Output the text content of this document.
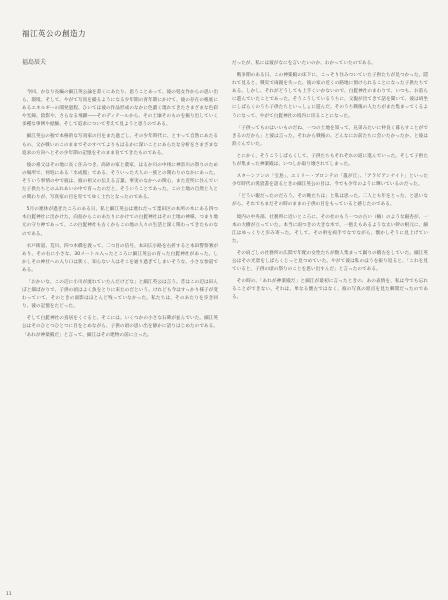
福江英公の創造力
福島辰夫

今回、かなり長編の細江英公論を書くにあたり、思うことあって、彼の処女作からの思い出ら、環境、そして、やがて写真を撮るようになる少年期の青年期にかけて、彼の存在の根底にあるエネルギーの開発過程、ひいては彼の作品形成のなかに色濃く現れてきたさまざまな色彩や光線、陰影や、さらなる飛躍――そのディテールから、その土壌そのものを掘り出していく多種な事例や経験、そして追求について考えて見ようと思うのである。

細江英公の独で本格的な写真家の目をまた過ごし、その少年時代に、とすって自然にあたるもの、父か戦いのこのままでそのすべてよりもはるかに深いことにあらたな分析をさまざまな追求の方向へとその少年期の記憶をそのまま育ててきたものである。

彼の祖父はその地に長く住みつき、高砂の家と農家、はるか川の中州に神奈川の祭りのための場所で、何処にある「水成館」である、そういった大人の一族との関わりのなかにあった。そういう事情の中で彼は、彼の祖父の伝える言葉、事実のなかへの関心、また近所に住んでいた子供たちとのふれあいの中で育ったのだと、そういうことであった。この土地の自然と人との関わりが、写真家の目を育ててゆく土台となったのである。

5月の連休が過ぎたころのある日、私と細江英公は連れだって墨田区の本所の木にある四つ木白髭神社に出かけた。向島からこのあたりにかけての白髭神社はその土地の神様、つまり地元の守り神であって、この白髭神社も古くからこの地の人々の生活と深く関わってきたものなのである。

水戸街道、荒川、四つ木橋を渡って、二つ目の信号、本田広小路を右折すると本田警察署があり、その右に小さな、30メートル入ったところに細江英公の育った白髭神社があった。しかしその神社への入り口は狭く、知らない人はそこを通り過ぎてしまいそうな、小さな参道である。

「おかいな、この辺に小川が流れていたんだけどな」と細江英公は言う。昔はこの辺は田んぼと畑ばかりで、子供の頃はよく魚をとりに来たのだという。けれども今はすっかり様子が変わっていて、そのときの面影はほとんど残っていなかった。私たちは、そのあたりを歩き回り、彼の記憶をたどった。

そして白髭神社の鳥居をくぐると、そこには、いくつかの小さな石碑が並んでいた。細江英公はそのひとつひとつに目をとめながら、子供の頃の思い出を静かに語りはじめたのである。「あれが神楽殿だ」と言って、細江はその建物の前に立った。

だったが、私には彼がなにを言いたいのか、わかっていたのである。

戦争期のある日、この神楽殿の床下に、こっそり住みついていた子供たちが見つかった。隠れて見ると、戦災で両親を失った、彼の家の近くの路地に預けられることになった子供たちである。しかし、それがどうしても上手くいかないので、白髭神社のまわりで、いつも、お前らに遊んでいたことであった。そうこうしているうちに、父親が出てきて話を聞いて、彼は胡坐にしばらくのうち子供たちといっしょに遊んだ。そのうち戦後の人たちがまた集まってくるようになって、やがて白髭神社の境内に戻ることになった。

「子供ってものはいいものだね、一つの土地を知って、兄弟みたいに仲良く暮らすことができるのだから」と彼は言った。それから戦後の、どんなにお前たちに会いたかったか、と彼は涙ぐんでいた。

とにかく、そうこうしばらくして、子供たちもそれぞれの道に進んでいった。そして子供たちが集まった神楽殿は、いつしか取り壊されてしまった。

スターンソンの「宝島」、エミリー・ブロンテの「嵐が丘」、「アラビアンナイト」といった少年時代の愛読書を語るときの細江英公の目は、今でも少年のように輝いているのだった。

「どうい親だったのだろう。その晩たちは」と私は思った。二人とも年をとった、と思いながら、それでもまだその時のままの子供の目をもっていると感じたのである。

境内の中央部、社務所に近いところに、その社のもう一つの古い（楠）のような銀杏が、一本の大樹が立っていた。本当に雨つきの大きな木で、一抱えもあるような太い幹の根元に、細江はゆっくりと歩み寄った。そして、その幹を両手でなでながら、懐かしそうに見上げていた。

その肩ごしの社務所の広間で年配の女性たちが数人集まって踊りの稽古をしていた。細江英公はその光景をしばらくじっと見つめていた。やがて彼は私のほうを振り返ると、「これを見ていると、子供の頃の祭りのことを思い出すんだ」と言ったのである。

その時の、「あれが神楽殿だ」と細江が最初に言ったときの、あの表情を、私は今でも忘れることができない。それは、単なる懐古ではなく、彼の写真の原点を見た瞬間だったのである。

11
